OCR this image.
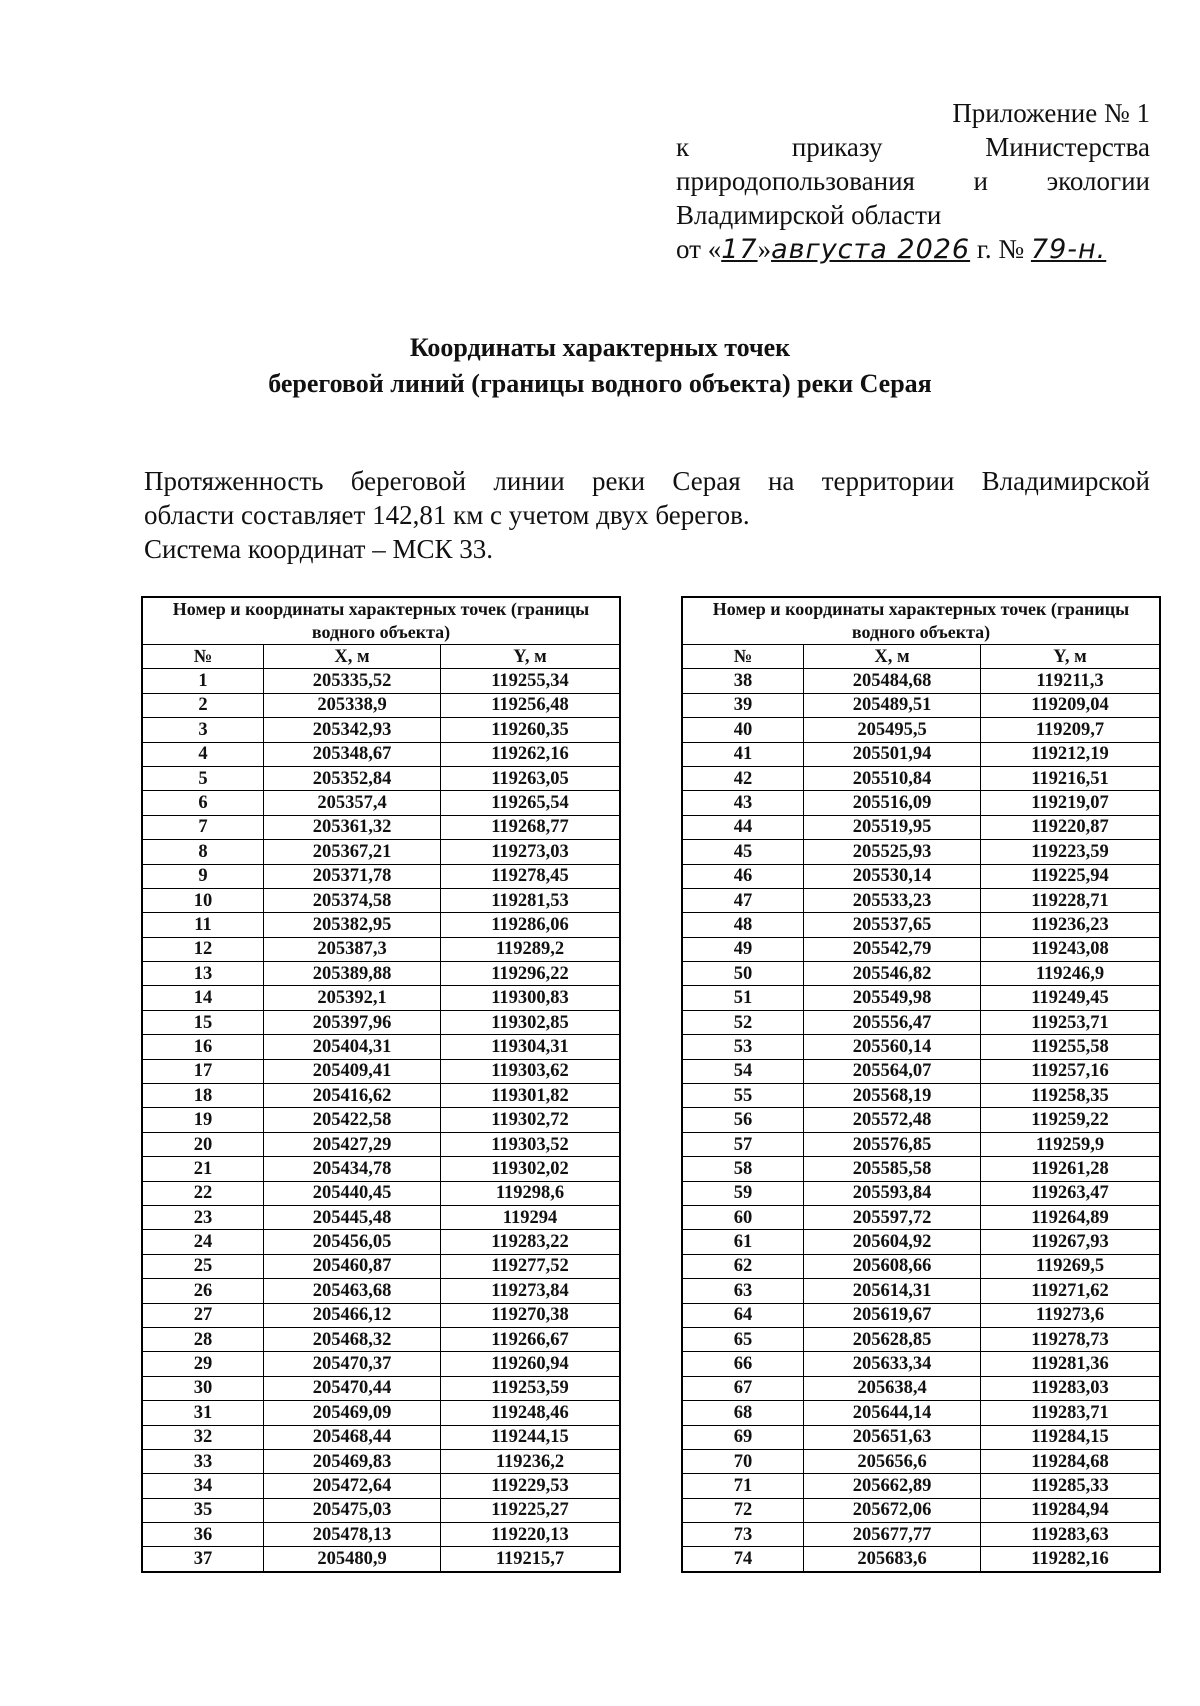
Приложение № 1
к	приказу	Министерства
природопользования и экологии
Владимирской области
от «17»августа 2026 г. № 79-н.
Координаты характерных точек
береговой линий (границы водного объекта) реки Серая
Протяженность береговой линии реки Серая на территории Владимирской
области составляет 142,81 км с учетом двух берегов.
Система координат – МСК 33.
Номер и координаты характерных точек (границы водного объекта)		
№	X, м	Y, м
1	205335,52	119255,34
2	205338,9	119256,48
3	205342,93	119260,35
4	205348,67	119262,16
5	205352,84	119263,05
6	205357,4	119265,54
7	205361,32	119268,77
8	205367,21	119273,03
9	205371,78	119278,45
10	205374,58	119281,53
11	205382,95	119286,06
12	205387,3	119289,2
13	205389,88	119296,22
14	205392,1	119300,83
15	205397,96	119302,85
16	205404,31	119304,31
17	205409,41	119303,62
18	205416,62	119301,82
19	205422,58	119302,72
20	205427,29	119303,52
21	205434,78	119302,02
22	205440,45	119298,6
23	205445,48	119294
24	205456,05	119283,22
25	205460,87	119277,52
26	205463,68	119273,84
27	205466,12	119270,38
28	205468,32	119266,67
29	205470,37	119260,94
30	205470,44	119253,59
31	205469,09	119248,46
32	205468,44	119244,15
33	205469,83	119236,2
34	205472,64	119229,53
35	205475,03	119225,27
36	205478,13	119220,13
37	205480,9	119215,7
Номер и координаты характерных точек (границы водного объекта)		
№	X, м	Y, м
38	205484,68	119211,3
39	205489,51	119209,04
40	205495,5	119209,7
41	205501,94	119212,19
42	205510,84	119216,51
43	205516,09	119219,07
44	205519,95	119220,87
45	205525,93	119223,59
46	205530,14	119225,94
47	205533,23	119228,71
48	205537,65	119236,23
49	205542,79	119243,08
50	205546,82	119246,9
51	205549,98	119249,45
52	205556,47	119253,71
53	205560,14	119255,58
54	205564,07	119257,16
55	205568,19	119258,35
56	205572,48	119259,22
57	205576,85	119259,9
58	205585,58	119261,28
59	205593,84	119263,47
60	205597,72	119264,89
61	205604,92	119267,93
62	205608,66	119269,5
63	205614,31	119271,62
64	205619,67	119273,6
65	205628,85	119278,73
66	205633,34	119281,36
67	205638,4	119283,03
68	205644,14	119283,71
69	205651,63	119284,15
70	205656,6	119284,68
71	205662,89	119285,33
72	205672,06	119284,94
73	205677,77	119283,63
74	205683,6	119282,16
